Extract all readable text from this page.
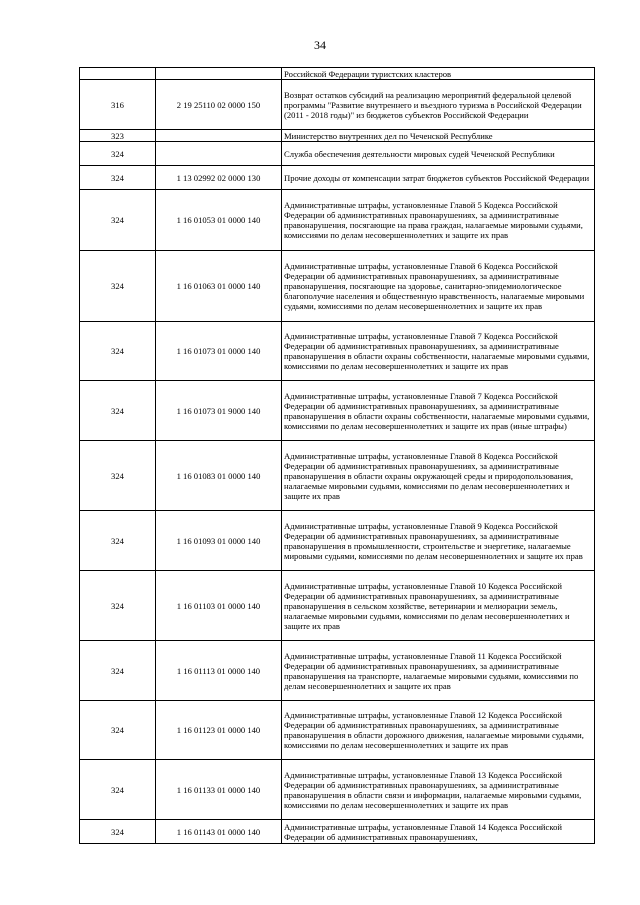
34
		Российской Федерации туристских кластеров
316	2 19 25110 02 0000 150	Возврат остатков субсидий на реализацию мероприятий федеральной целевой программы "Развитие внутреннего и въездного туризма в Российской Федерации (2011 - 2018 годы)" из бюджетов субъектов Российской Федерации
323		Министерство внутренних дел по Чеченской Республике
324		Служба обеспечения деятельности мировых судей Чеченской Республики
324	1 13 02992 02 0000 130	Прочие доходы от компенсации затрат бюджетов субъектов Российской Федерации
324	1 16 01053 01 0000 140	Административные штрафы, установленные Главой 5 Кодекса Российской Федерации об административных правонарушениях, за административные правонарушения, посягающие на права граждан, налагаемые мировыми судьями, комиссиями по делам несовершеннолетних и защите их прав
324	1 16 01063 01 0000 140	Административные штрафы, установленные Главой 6 Кодекса Российской Федерации об административных правонарушениях, за административные правонарушения, посягающие на здоровье, санитарно-эпидемиологическое благополучие населения и общественную нравственность, налагаемые мировыми судьями, комиссиями по делам несовершеннолетних и защите их прав
324	1 16 01073 01 0000 140	Административные штрафы, установленные Главой 7 Кодекса Российской Федерации об административных правонарушениях, за административные правонарушения в области охраны собственности, налагаемые мировыми судьями, комиссиями по делам несовершеннолетних и защите их прав
324	1 16 01073 01 9000 140	Административные штрафы, установленные Главой 7 Кодекса Российской Федерации об административных правонарушениях, за административные правонарушения в области охраны собственности, налагаемые мировыми судьями, комиссиями по делам несовершеннолетних и защите их прав (иные штрафы)
324	1 16 01083 01 0000 140	Административные штрафы, установленные Главой 8 Кодекса Российской Федерации об административных правонарушениях, за административные правонарушения в области охраны окружающей среды и природопользования, налагаемые мировыми судьями, комиссиями по делам несовершеннолетних и защите их прав
324	1 16 01093 01 0000 140	Административные штрафы, установленные Главой 9 Кодекса Российской Федерации об административных правонарушениях, за административные правонарушения в промышленности, строительстве и энергетике, налагаемые мировыми судьями, комиссиями по делам несовершеннолетних и защите их прав
324	1 16 01103 01 0000 140	Административные штрафы, установленные Главой 10 Кодекса Российской Федерации об административных правонарушениях, за административные правонарушения в сельском хозяйстве, ветеринарии и мелиорации земель, налагаемые мировыми судьями, комиссиями по делам несовершеннолетних и защите их прав
324	1 16 01113 01 0000 140	Административные штрафы, установленные Главой 11 Кодекса Российской Федерации об административных правонарушениях, за административные правонарушения на транспорте, налагаемые мировыми судьями, комиссиями по делам несовершеннолетних и защите их прав
324	1 16 01123 01 0000 140	Административные штрафы, установленные Главой 12 Кодекса Российской Федерации об административных правонарушениях, за административные правонарушения в области дорожного движения, налагаемые мировыми судьями, комиссиями по делам несовершеннолетних и защите их прав
324	1 16 01133 01 0000 140	Административные штрафы, установленные Главой 13 Кодекса Российской Федерации об административных правонарушениях, за административные правонарушения в области связи и информации, налагаемые мировыми судьями, комиссиями по делам несовершеннолетних и защите их прав
324	1 16 01143 01 0000 140	Административные штрафы, установленные Главой 14 Кодекса Российской Федерации об административных правонарушениях,
